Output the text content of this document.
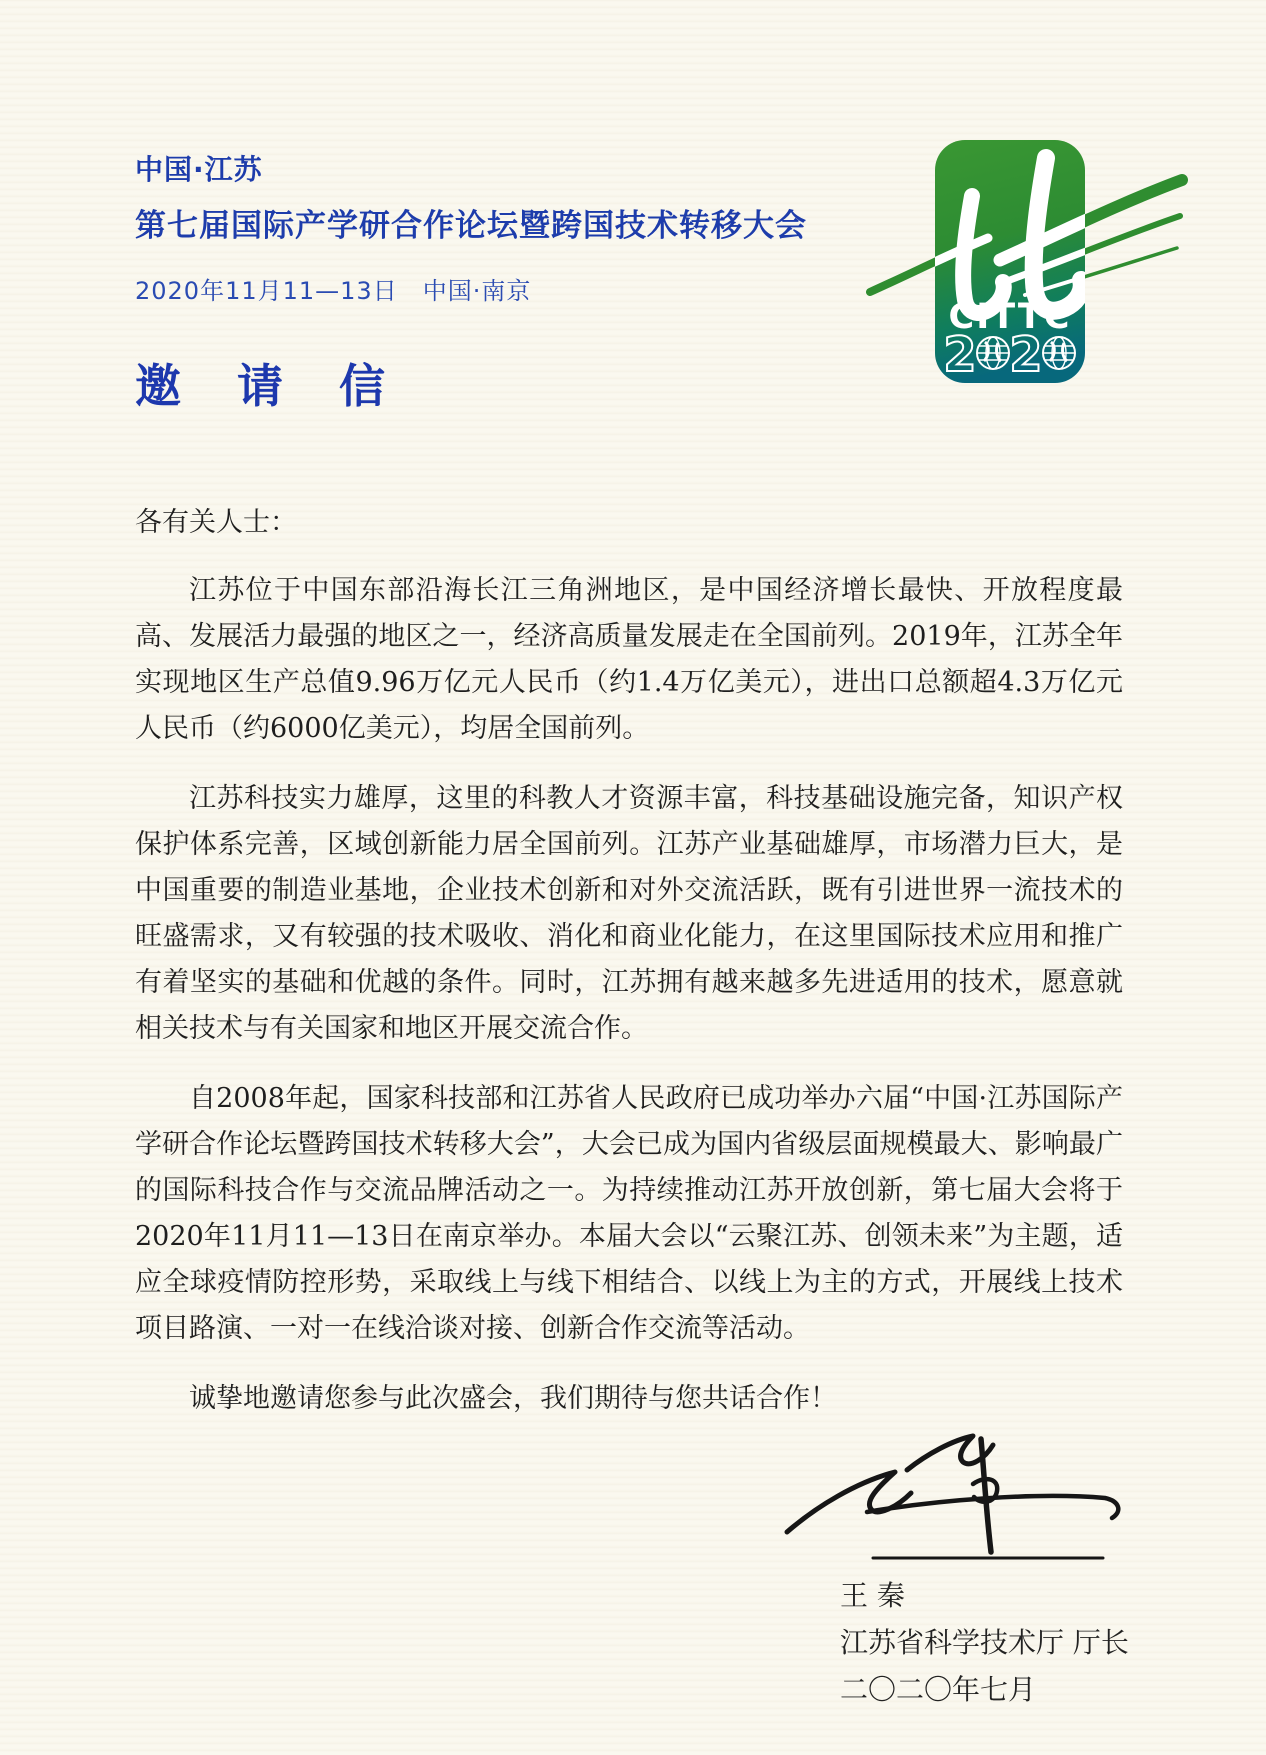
中国·江苏
第七届国际产学研合作论坛暨跨国技术转移大会
2020年11月11—13日　中国·南京
邀 请 信
CITTC
2 2

各有关人士：

江苏位于中国东部沿海长江三角洲地区，是中国经济增长最快、开放程度最高、发展活力最强的地区之一，经济高质量发展走在全国前列。2019年，江苏全年实现地区生产总值9.96万亿元人民币（约1.4万亿美元），进出口总额超4.3万亿元人民币（约6000亿美元），均居全国前列。

江苏科技实力雄厚，这里的科教人才资源丰富，科技基础设施完备，知识产权保护体系完善，区域创新能力居全国前列。江苏产业基础雄厚，市场潜力巨大，是中国重要的制造业基地，企业技术创新和对外交流活跃，既有引进世界一流技术的旺盛需求，又有较强的技术吸收、消化和商业化能力，在这里国际技术应用和推广有着坚实的基础和优越的条件。同时，江苏拥有越来越多先进适用的技术，愿意就相关技术与有关国家和地区开展交流合作。

自2008年起，国家科技部和江苏省人民政府已成功举办六届“中国·江苏国际产学研合作论坛暨跨国技术转移大会”，大会已成为国内省级层面规模最大、影响最广的国际科技合作与交流品牌活动之一。为持续推动江苏开放创新，第七届大会将于2020年11月11—13日在南京举办。本届大会以“云聚江苏、创领未来”为主题，适应全球疫情防控形势，采取线上与线下相结合、以线上为主的方式，开展线上技术项目路演、一对一在线洽谈对接、创新合作交流等活动。

诚挚地邀请您参与此次盛会，我们期待与您共话合作！

王 秦
江苏省科学技术厅 厅长
二〇二〇年七月
